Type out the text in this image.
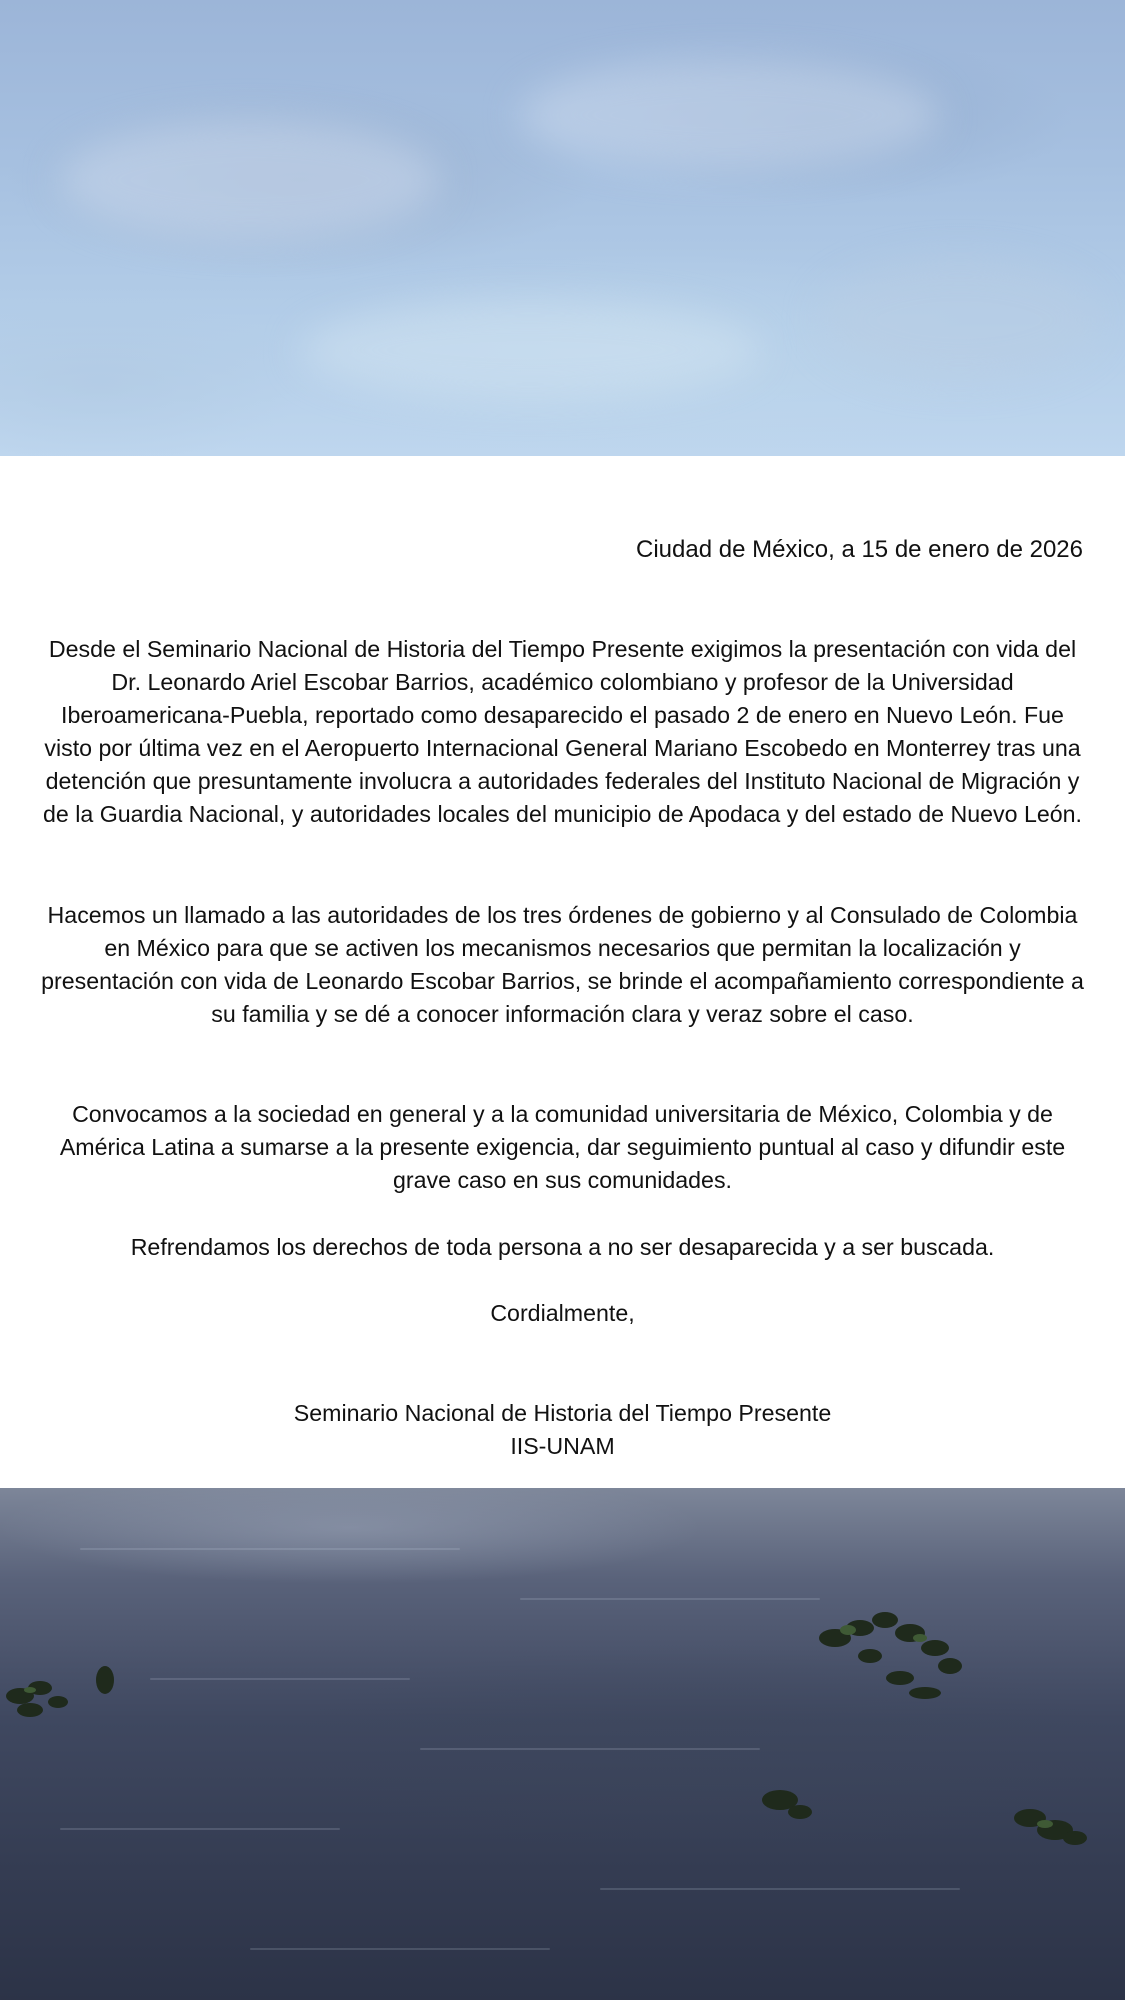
Ciudad de México, a 15 de enero de 2026

Desde el Seminario Nacional de Historia del Tiempo Presente exigimos la presentación con vida del Dr. Leonardo Ariel Escobar Barrios, académico colombiano y profesor de la Universidad Iberoamericana-Puebla, reportado como desaparecido el pasado 2 de enero en Nuevo León. Fue visto por última vez en el Aeropuerto Internacional General Mariano Escobedo en Monterrey tras una detención que presuntamente involucra a autoridades federales del Instituto Nacional de Migración y de la Guardia Nacional, y autoridades locales del municipio de Apodaca y del estado de Nuevo León.

Hacemos un llamado a las autoridades de los tres órdenes de gobierno y al Consulado de Colombia en México para que se activen los mecanismos necesarios que permitan la localización y presentación con vida de Leonardo Escobar Barrios, se brinde el acompañamiento correspondiente a su familia y se dé a conocer información clara y veraz sobre el caso.

Convocamos a la sociedad en general y a la comunidad universitaria de México, Colombia y de América Latina a sumarse a la presente exigencia, dar seguimiento puntual al caso y difundir este grave caso en sus comunidades.

Refrendamos los derechos de toda persona a no ser desaparecida y a ser buscada.

Cordialmente,
Seminario Nacional de Historia del Tiempo Presente
IIS-UNAM
